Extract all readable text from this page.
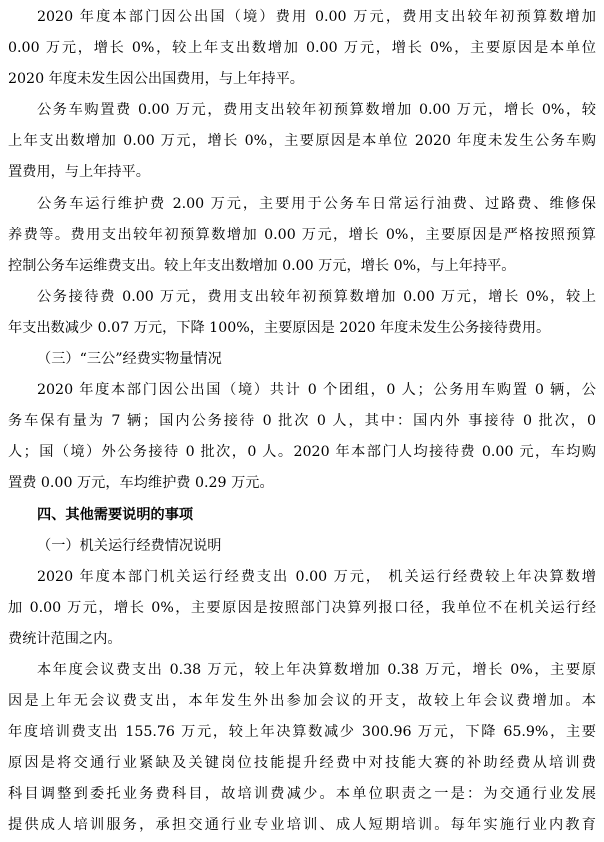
2020 年度本部门因公出国（境）费用 0.00 万元，费用支出较年初预算数增加
0.00 万元，增长 0%，较上年支出数增加 0.00 万元，增长 0%，主要原因是本单位
2020 年度未发生因公出国费用，与上年持平。
公务车购置费 0.00 万元，费用支出较年初预算数增加 0.00 万元，增长 0%，较
上年支出数增加 0.00 万元，增长 0%，主要原因是本单位 2020 年度未发生公务车购
置费用，与上年持平。
公务车运行维护费 2.00 万元，主要用于公务车日常运行油费、过路费、维修保
养费等。费用支出较年初预算数增加 0.00 万元，增长 0%，主要原因是严格按照预算
控制公务车运维费支出。较上年支出数增加 0.00 万元，增长 0%，与上年持平。
公务接待费 0.00 万元，费用支出较年初预算数增加 0.00 万元，增长 0%，较上
年支出数减少 0.07 万元，下降 100%，主要原因是 2020 年度未发生公务接待费用。
（三）“三公”经费实物量情况
2020 年度本部门因公出国（境）共计 0 个团组，0 人；公务用车购置 0 辆，公
务车保有量为 7 辆；国内公务接待 0 批次 0 人，其中：国内外 事接待 0 批次，0
人；国（境）外公务接待 0 批次，0 人。2020 年本部门人均接待费 0.00 元，车均购
置费 0.00 万元，车均维护费 0.29 万元。
四、其他需要说明的事项
（一）机关运行经费情况说明
2020 年度本部门机关运行经费支出 0.00 万元， 机关运行经费较上年决算数增
加 0.00 万元，增长 0%，主要原因是按照部门决算列报口径，我单位不在机关运行经
费统计范围之内。
本年度会议费支出 0.38 万元，较上年决算数增加 0.38 万元，增长 0%，主要原
因是上年无会议费支出，本年发生外出参加会议的开支，故较上年会议费增加。本
年度培训费支出 155.76 万元，较上年决算数减少 300.96 万元，下降 65.9%，主要
原因是将交通行业紧缺及关键岗位技能提升经费中对技能大赛的补助经费从培训费
科目调整到委托业务费科目，故培训费减少。本单位职责之一是：为交通行业发展
提供成人培训服务，承担交通行业专业培训、成人短期培训。每年实施行业内教育
